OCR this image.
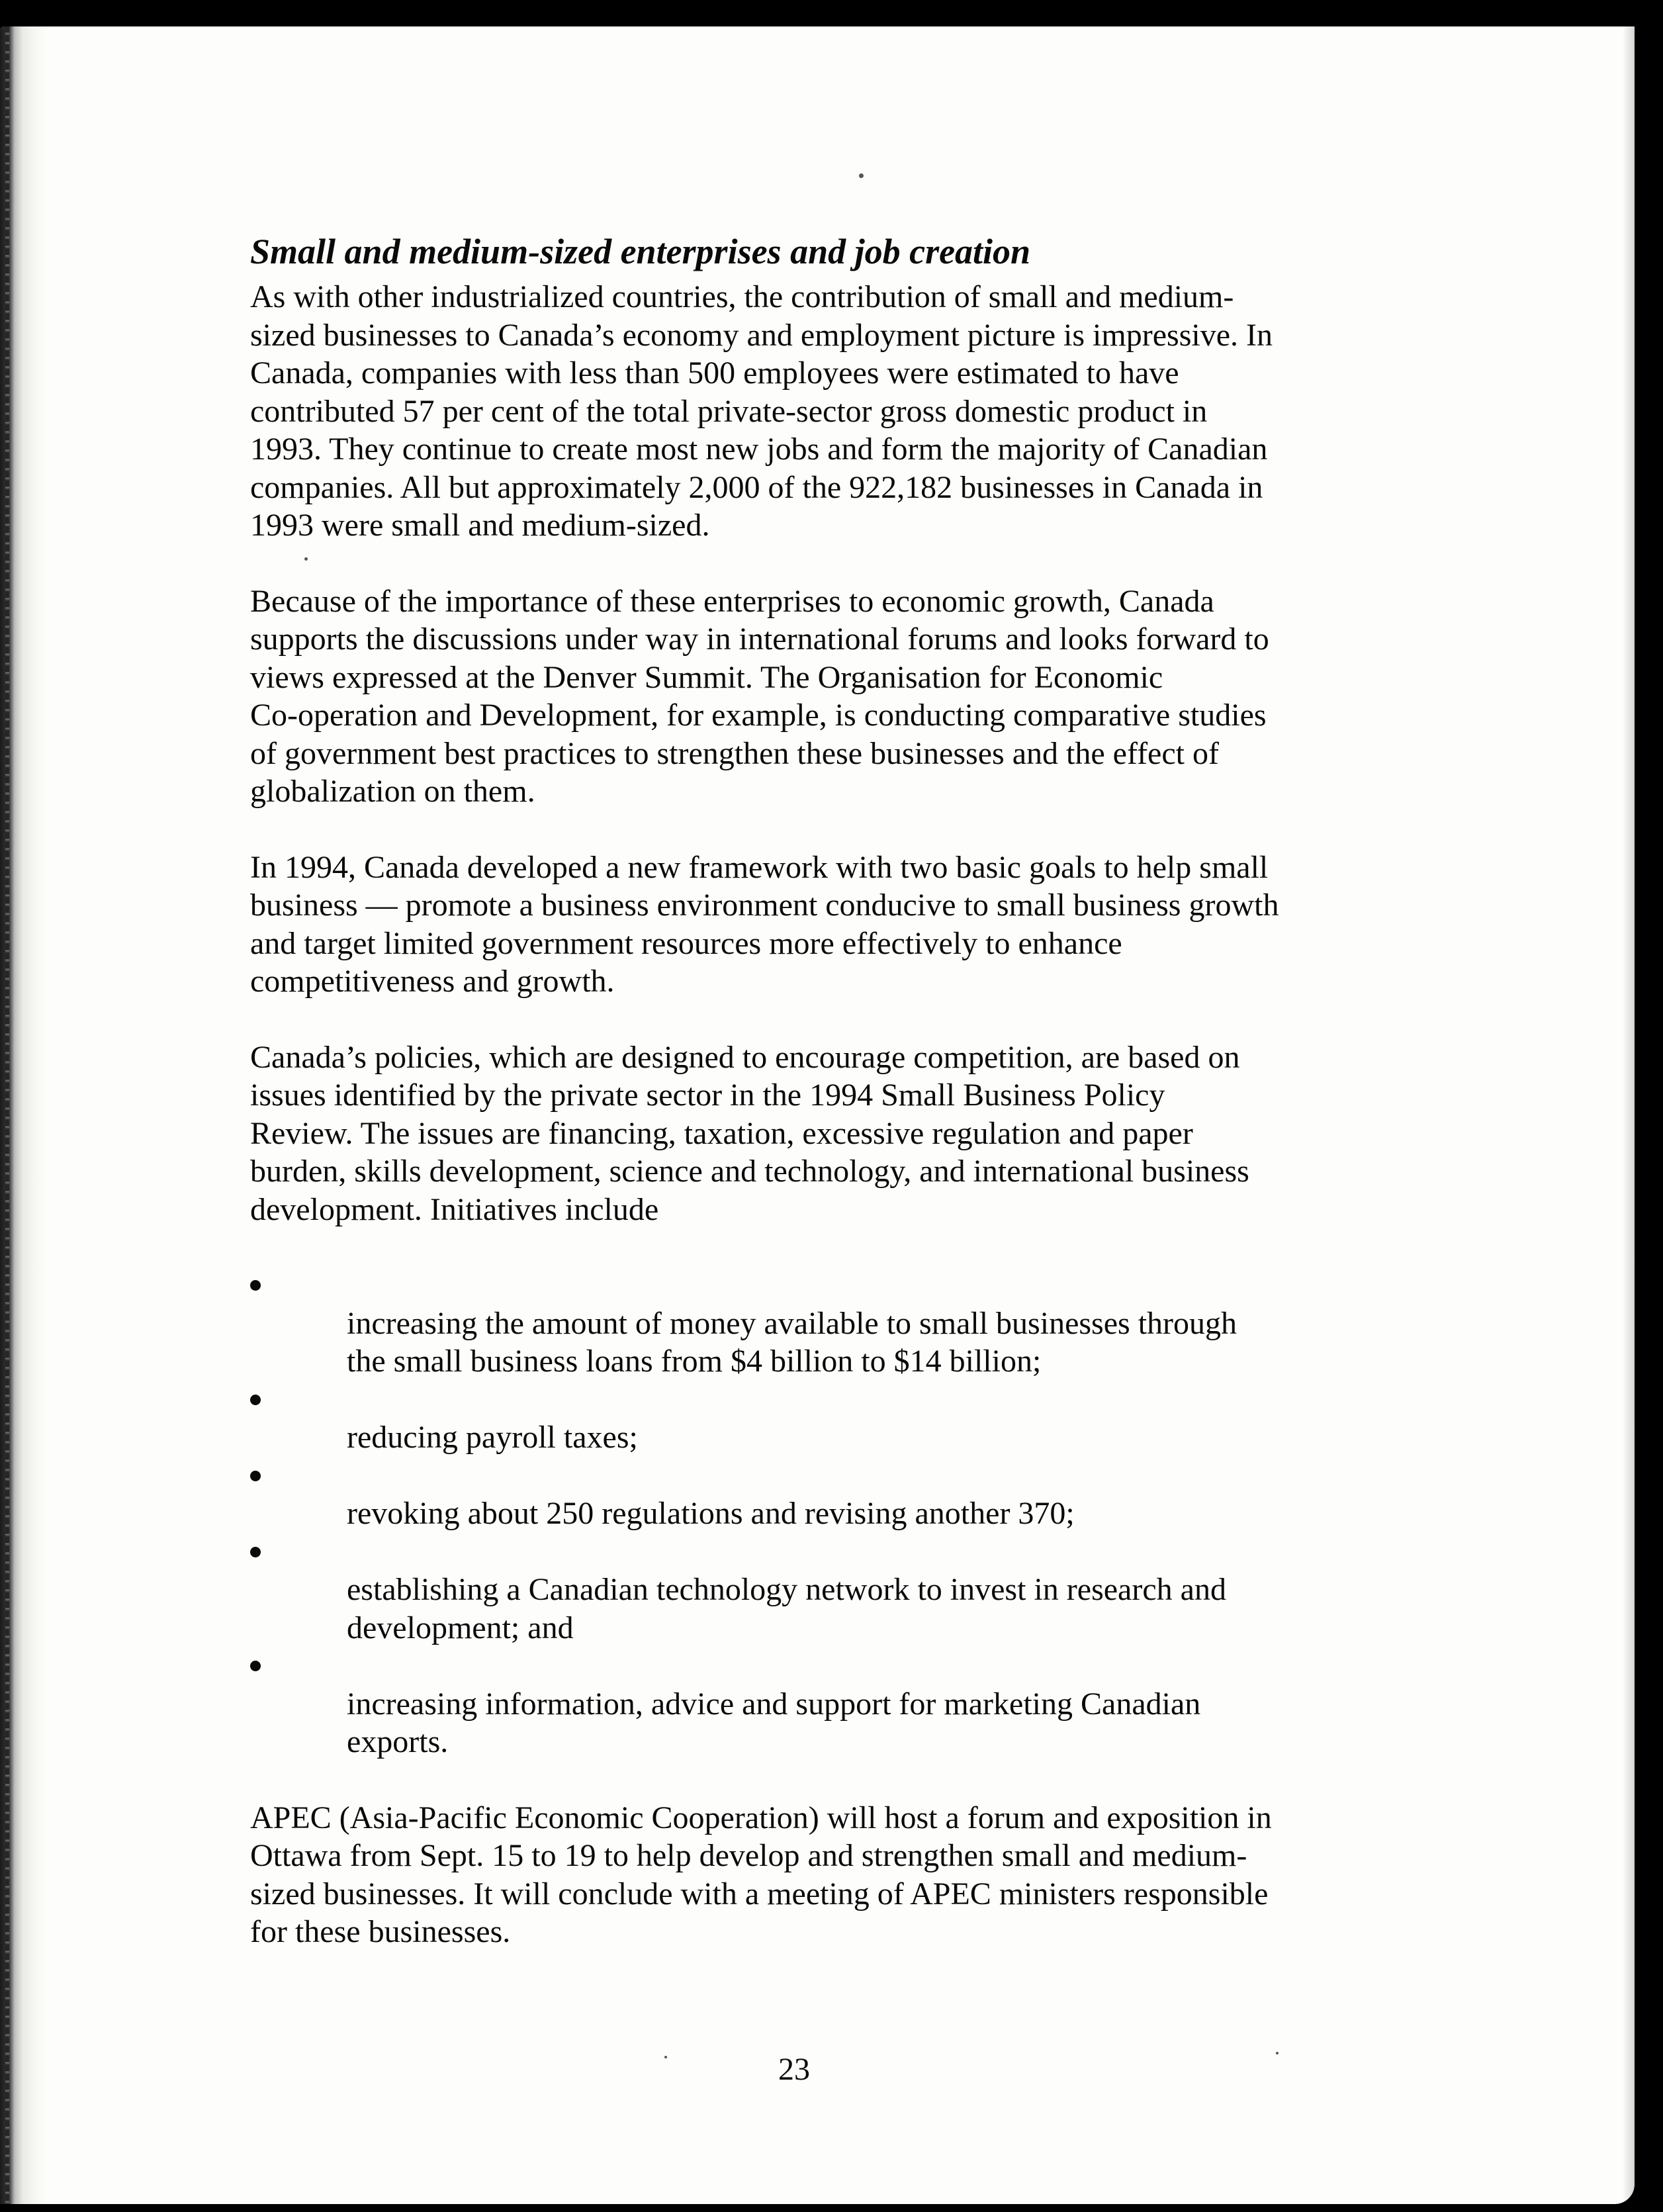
Small and medium-sized enterprises and job creation

As with other industrialized countries, the contribution of small and medium-
sized businesses to Canada’s economy and employment picture is impressive. In
Canada, companies with less than 500 employees were estimated to have
contributed 57 per cent of the total private-sector gross domestic product in
1993. They continue to create most new jobs and form the majority of Canadian
companies. All but approximately 2,000 of the 922,182 businesses in Canada in
1993 were small and medium-sized.

Because of the importance of these enterprises to economic growth, Canada
supports the discussions under way in international forums and looks forward to
views expressed at the Denver Summit. The Organisation for Economic
Co-operation and Development, for example, is conducting comparative studies
of government best practices to strengthen these businesses and the effect of
globalization on them.

In 1994, Canada developed a new framework with two basic goals to help small
business — promote a business environment conducive to small business growth
and target limited government resources more effectively to enhance
competitiveness and growth.

Canada’s policies, which are designed to encourage competition, are based on
issues identified by the private sector in the 1994 Small Business Policy
Review. The issues are financing, taxation, excessive regulation and paper
burden, skills development, science and technology, and international business
development. Initiatives include

increasing the amount of money available to small businesses through
the small business loans from $4 billion to $14 billion;

reducing payroll taxes;

revoking about 250 regulations and revising another 370;

establishing a Canadian technology network to invest in research and
development; and

increasing information, advice and support for marketing Canadian
exports.

APEC (Asia-Pacific Economic Cooperation) will host a forum and exposition in
Ottawa from Sept. 15 to 19 to help develop and strengthen small and medium-
sized businesses. It will conclude with a meeting of APEC ministers responsible
for these businesses.

23
